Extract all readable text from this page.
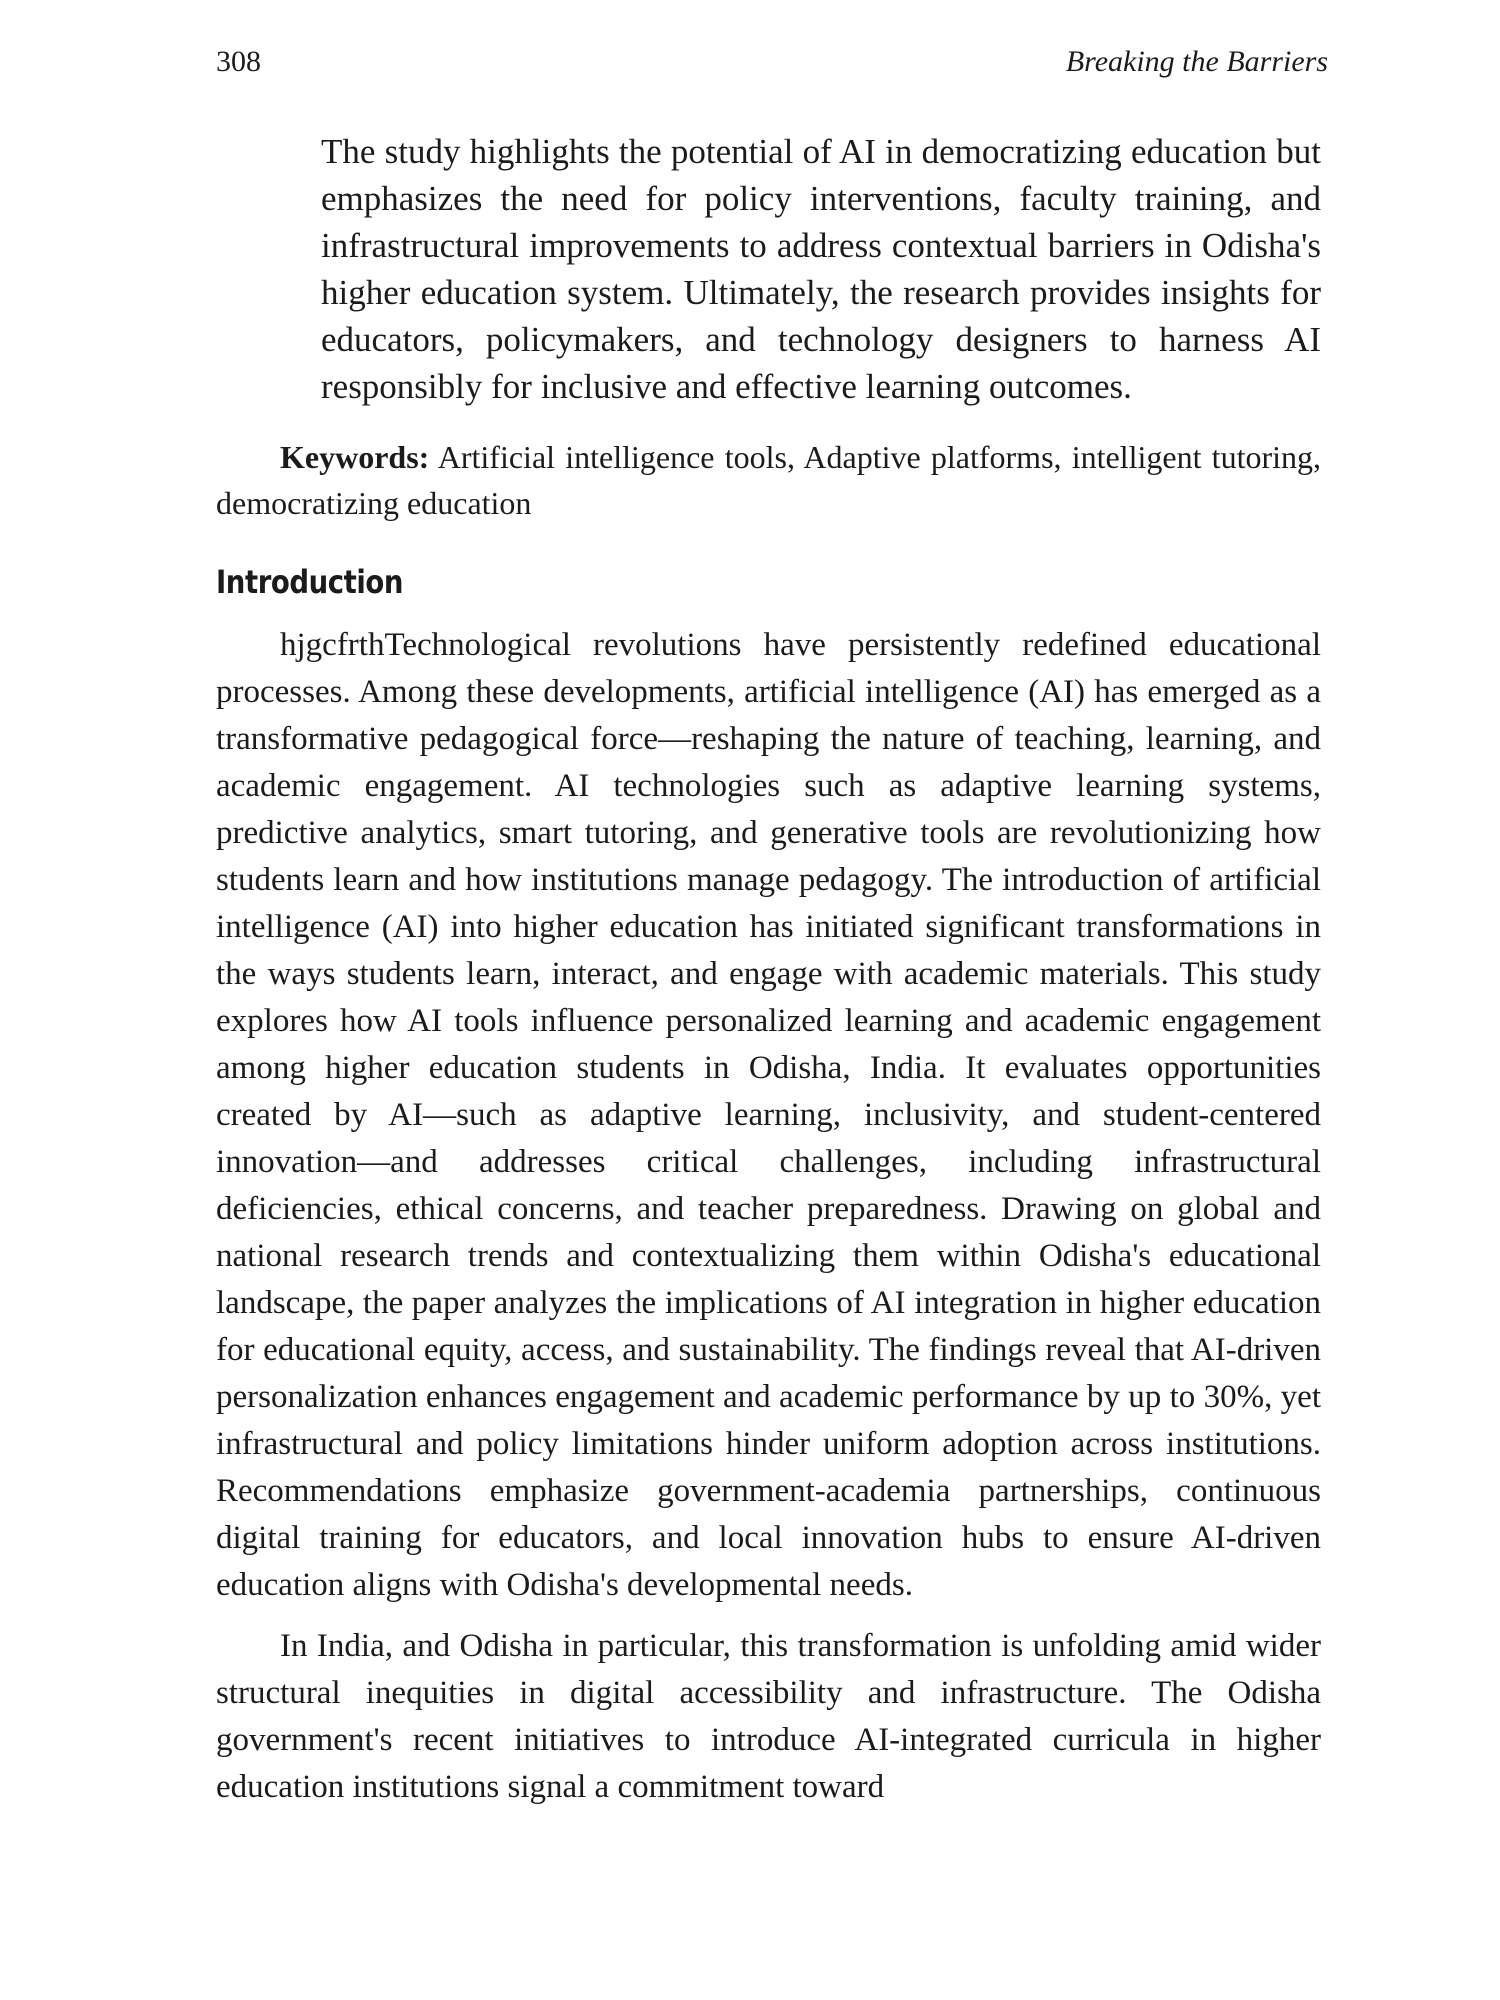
308	Breaking the Barriers
The study highlights the potential of AI in democratizing education but emphasizes the need for policy interventions, faculty training, and infrastructural improvements to address contextual barriers in Odisha's higher education system. Ultimately, the research provides insights for educators, policymakers, and technology designers to harness AI responsibly for inclusive and effective learning outcomes.
Keywords: Artificial intelligence tools, Adaptive platforms, intelligent tutoring, democratizing education
Introduction

hjgcfrthTechnological revolutions have persistently redefined educational processes. Among these developments, artificial intelligence (AI) has emerged as a transformative pedagogical force—reshaping the nature of teaching, learning, and academic engagement. AI technologies such as adaptive learning systems, predictive analytics, smart tutoring, and generative tools are revolutionizing how students learn and how institutions manage pedagogy. The introduction of artificial intelligence (AI) into higher education has initiated significant transformations in the ways students learn, interact, and engage with academic materials. This study explores how AI tools influence personalized learning and academic engagement among higher education students in Odisha, India. It evaluates opportunities created by AI—such as adaptive learning, inclusivity, and student-centered innovation—and addresses critical challenges, including infrastructural deficiencies, ethical concerns, and teacher preparedness. Drawing on global and national research trends and contextualizing them within Odisha's educational landscape, the paper analyzes the implications of AI integration in higher education for educational equity, access, and sustainability. The findings reveal that AI-driven personalization enhances engagement and academic performance by up to 30%, yet infrastructural and policy limitations hinder uniform adoption across institutions. Recommendations emphasize government-academia partnerships, continuous digital training for educators, and local innovation hubs to ensure AI-driven education aligns with Odisha's developmental needs.

In India, and Odisha in particular, this transformation is unfolding amid wider structural inequities in digital accessibility and infrastructure. The Odisha government's recent initiatives to introduce AI-integrated curricula in higher education institutions signal a commitment toward
